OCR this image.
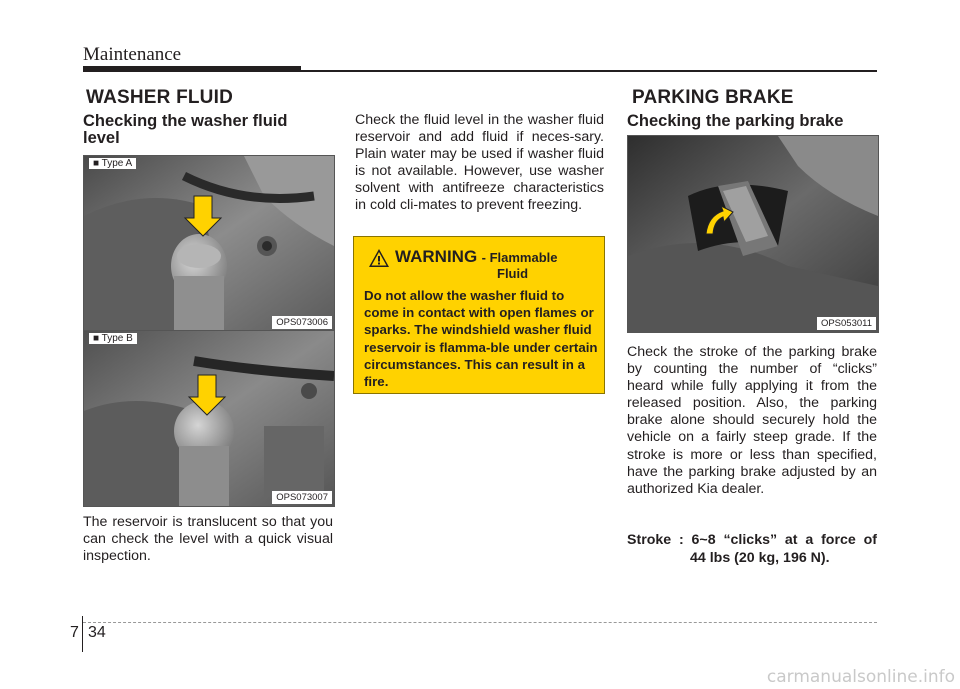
Maintenance
WASHER FLUID
Checking the washer fluid level
■ Type A
OPS073006
■ Type B
OPS073007
The reservoir is translucent so that you can check the level with a quick visual inspection.
Check the fluid level in the washer fluid reservoir and add fluid if neces-sary. Plain water may be used if washer fluid is not available. However, use washer solvent with antifreeze characteristics in cold cli-mates to prevent freezing.
WARNING - Flammable
Fluid
Do not allow the washer fluid to come in contact with open flames or sparks. The windshield washer fluid reservoir is flamma-ble under certain circumstances. This can result in a fire.
PARKING BRAKE
Checking the parking brake
OPS053011
Check the stroke of the parking brake by counting the number of “clicks” heard while fully applying it from the released position. Also, the parking brake alone should securely hold the vehicle on a fairly steep grade. If the stroke is more or less than specified, have the parking brake adjusted by an authorized Kia dealer.
Stroke : 6~8 “clicks” at a force of
44 lbs (20 kg, 196 N).
7 34
carmanualsonline.info
